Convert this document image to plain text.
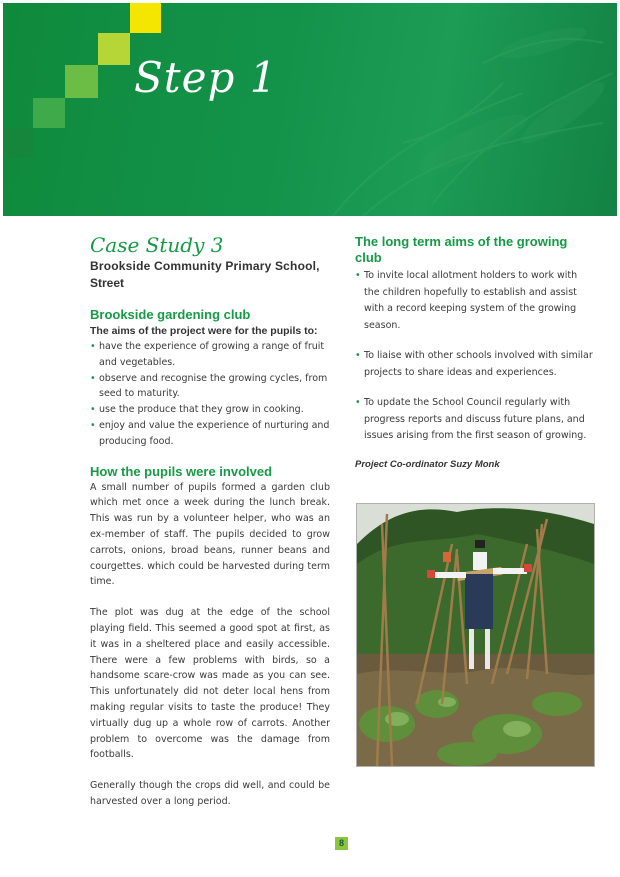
Step 1
Case Study 3
Brookside Community Primary School,
Street
Brookside gardening club
The aims of the project were for the pupils to:
• have the experience of growing a range of fruit and vegetables.
• observe and recognise the growing cycles, from seed to maturity.
• use the produce that they grow in cooking.
• enjoy and value the experience of nurturing and producing food.
How the pupils were involved

A small number of pupils formed a garden club which met once a week during the lunch break. This was run by a volunteer helper, who was an ex-member of staff. The pupils decided to grow carrots, onions, broad beans, runner beans and courgettes. which could be harvested during term time.

The plot was dug at the edge of the school playing field. This seemed a good spot at first, as it was in a sheltered place and easily accessible. There were a few problems with birds, so a handsome scare-crow was made as you can see. This unfortunately did not deter local hens from making regular visits to taste the produce! They virtually dug up a whole row of carrots. Another problem to overcome was the damage from footballs.

Generally though the crops did well, and could be harvested over a long period.

The long term aims of the growing club
• To invite local allotment holders to work with the children hopefully to establish and assist with a record keeping system of the growing season.
• To liaise with other schools involved with similar projects to share ideas and experiences.
• To update the School Council regularly with progress reports and discuss future plans, and issues arising from the first season of growing.
Project Co-ordinator Suzy Monk
8
